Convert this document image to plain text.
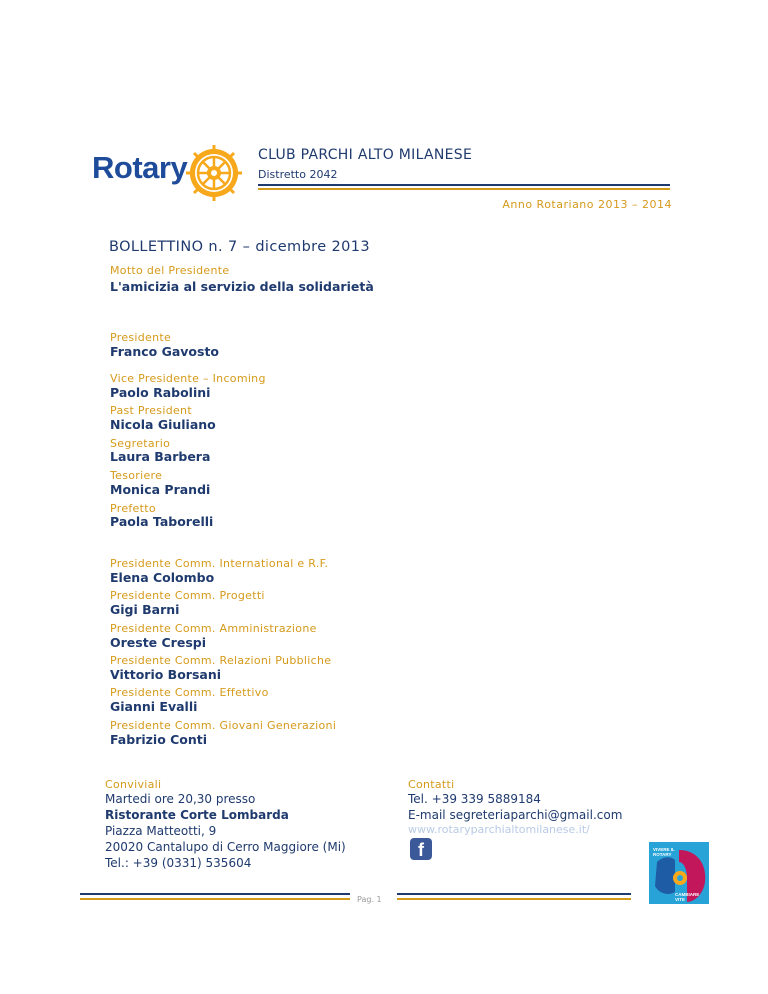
Rotary	CLUB PARCHI ALTO MILANESE
Distretto 2042
Anno Rotariano 2013 – 2014
BOLLETTINO n. 7 – dicembre 2013
Motto del Presidente
L'amicizia al servizio della solidarietà
Presidente
Franco Gavosto
Vice Presidente – Incoming
Paolo Rabolini
Past President
Nicola Giuliano
Segretario
Laura Barbera
Tesoriere
Monica Prandi
Prefetto
Paola Taborelli
Presidente Comm. International e R.F.
Elena Colombo
Presidente Comm. Progetti
Gigi Barni
Presidente Comm. Amministrazione
Oreste Crespi
Presidente Comm. Relazioni Pubbliche
Vittorio Borsani
Presidente Comm. Effettivo
Gianni Evalli
Presidente Comm. Giovani Generazioni
Fabrizio Conti
Conviviali
Martedi ore 20,30 presso
Ristorante Corte Lombarda
Piazza Matteotti, 9
20020 Cantalupo di Cerro Maggiore (Mi)
Tel.: +39 (0331) 535604
Contatti
Tel. +39 339 5889184
E-mail segreteriaparchi@gmail.com
www.rotaryparchialtomilanese.it/
f	VIVERE IL ROTARY
CAMBIARE VITE
Pag. 1
